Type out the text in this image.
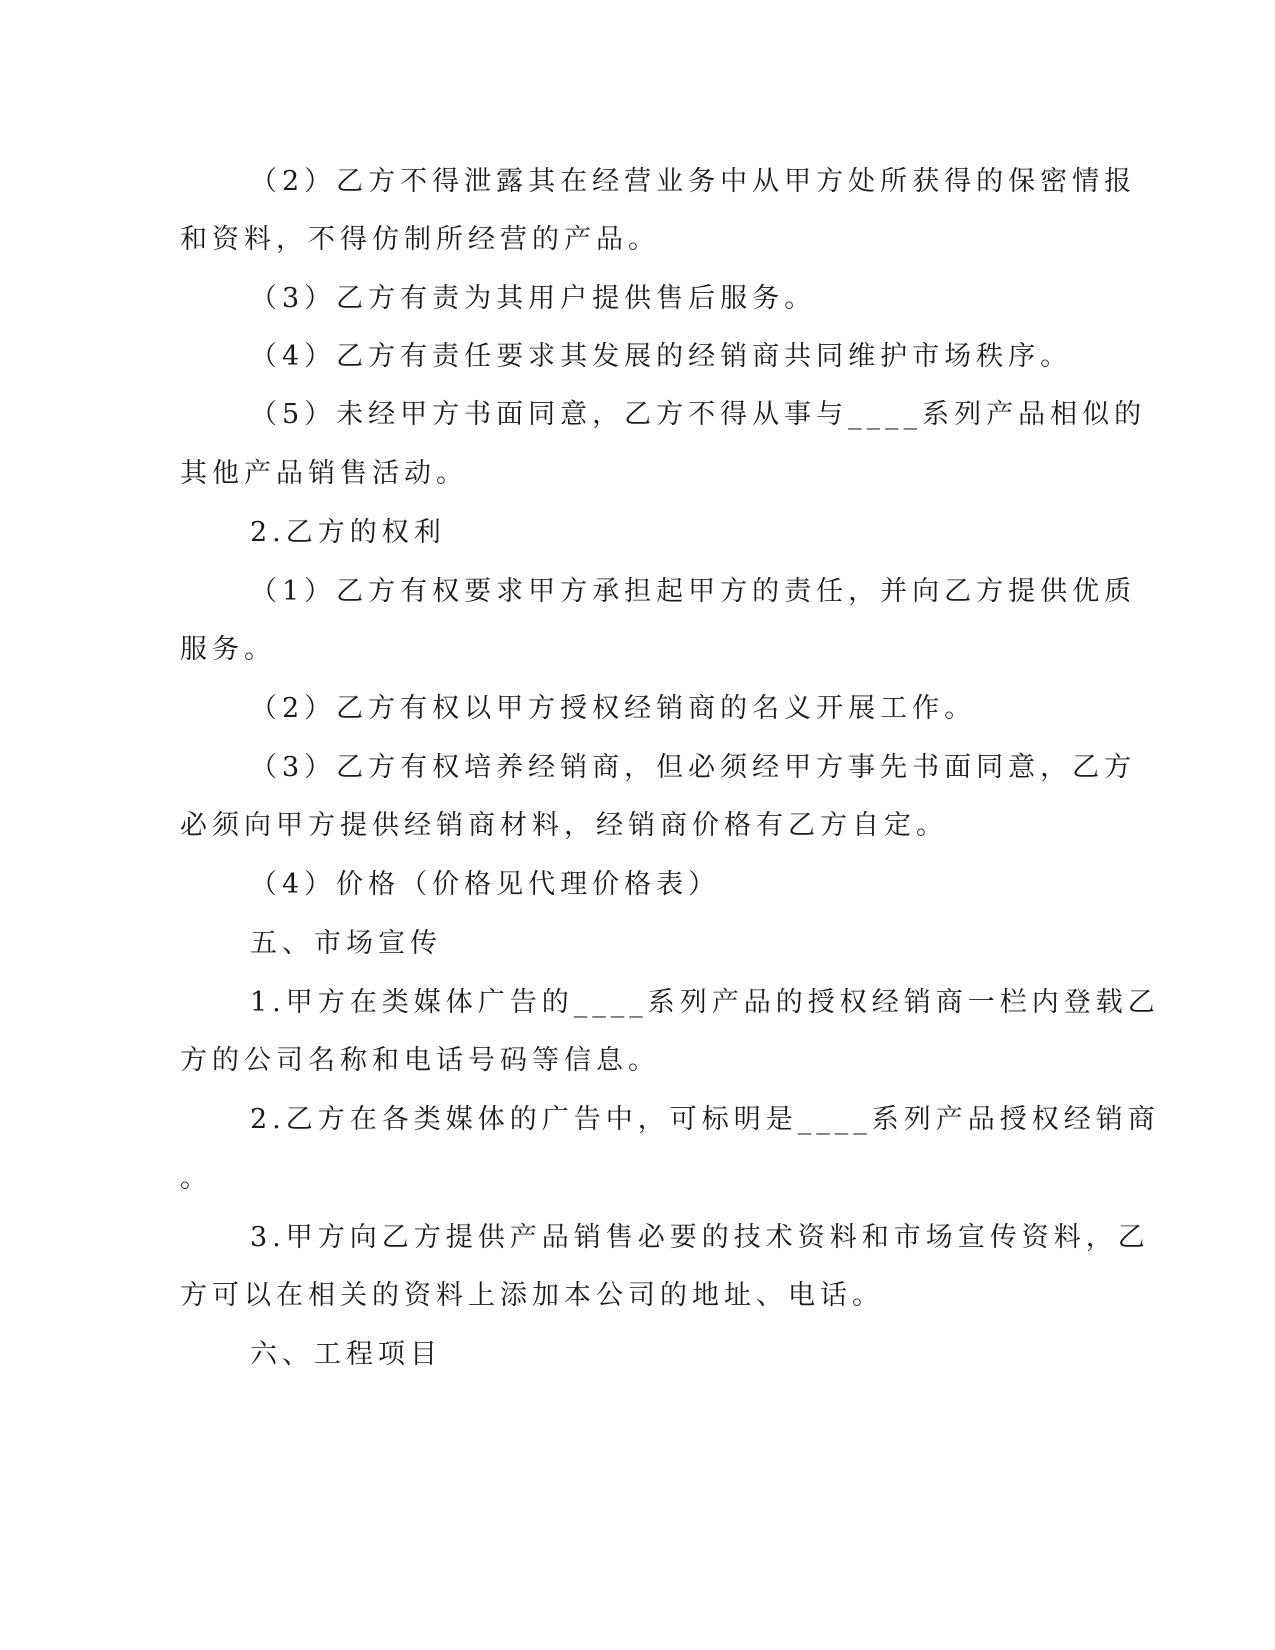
（2）乙方不得泄露其在经营业务中从甲方处所获得的保密情报

和资料，不得仿制所经营的产品。

（3）乙方有责为其用户提供售后服务。

（4）乙方有责任要求其发展的经销商共同维护市场秩序。

（5）未经甲方书面同意，乙方不得从事与____系列产品相似的

其他产品销售活动。

2.乙方的权利

（1）乙方有权要求甲方承担起甲方的责任，并向乙方提供优质

服务。

（2）乙方有权以甲方授权经销商的名义开展工作。

（3）乙方有权培养经销商，但必须经甲方事先书面同意，乙方

必须向甲方提供经销商材料，经销商价格有乙方自定。

（4）价格（价格见代理价格表）

五、市场宣传

1.甲方在类媒体广告的____系列产品的授权经销商一栏内登载乙

方的公司名称和电话号码等信息。

2.乙方在各类媒体的广告中，可标明是____系列产品授权经销商

。

3.甲方向乙方提供产品销售必要的技术资料和市场宣传资料，乙

方可以在相关的资料上添加本公司的地址、电话。

六、工程项目
